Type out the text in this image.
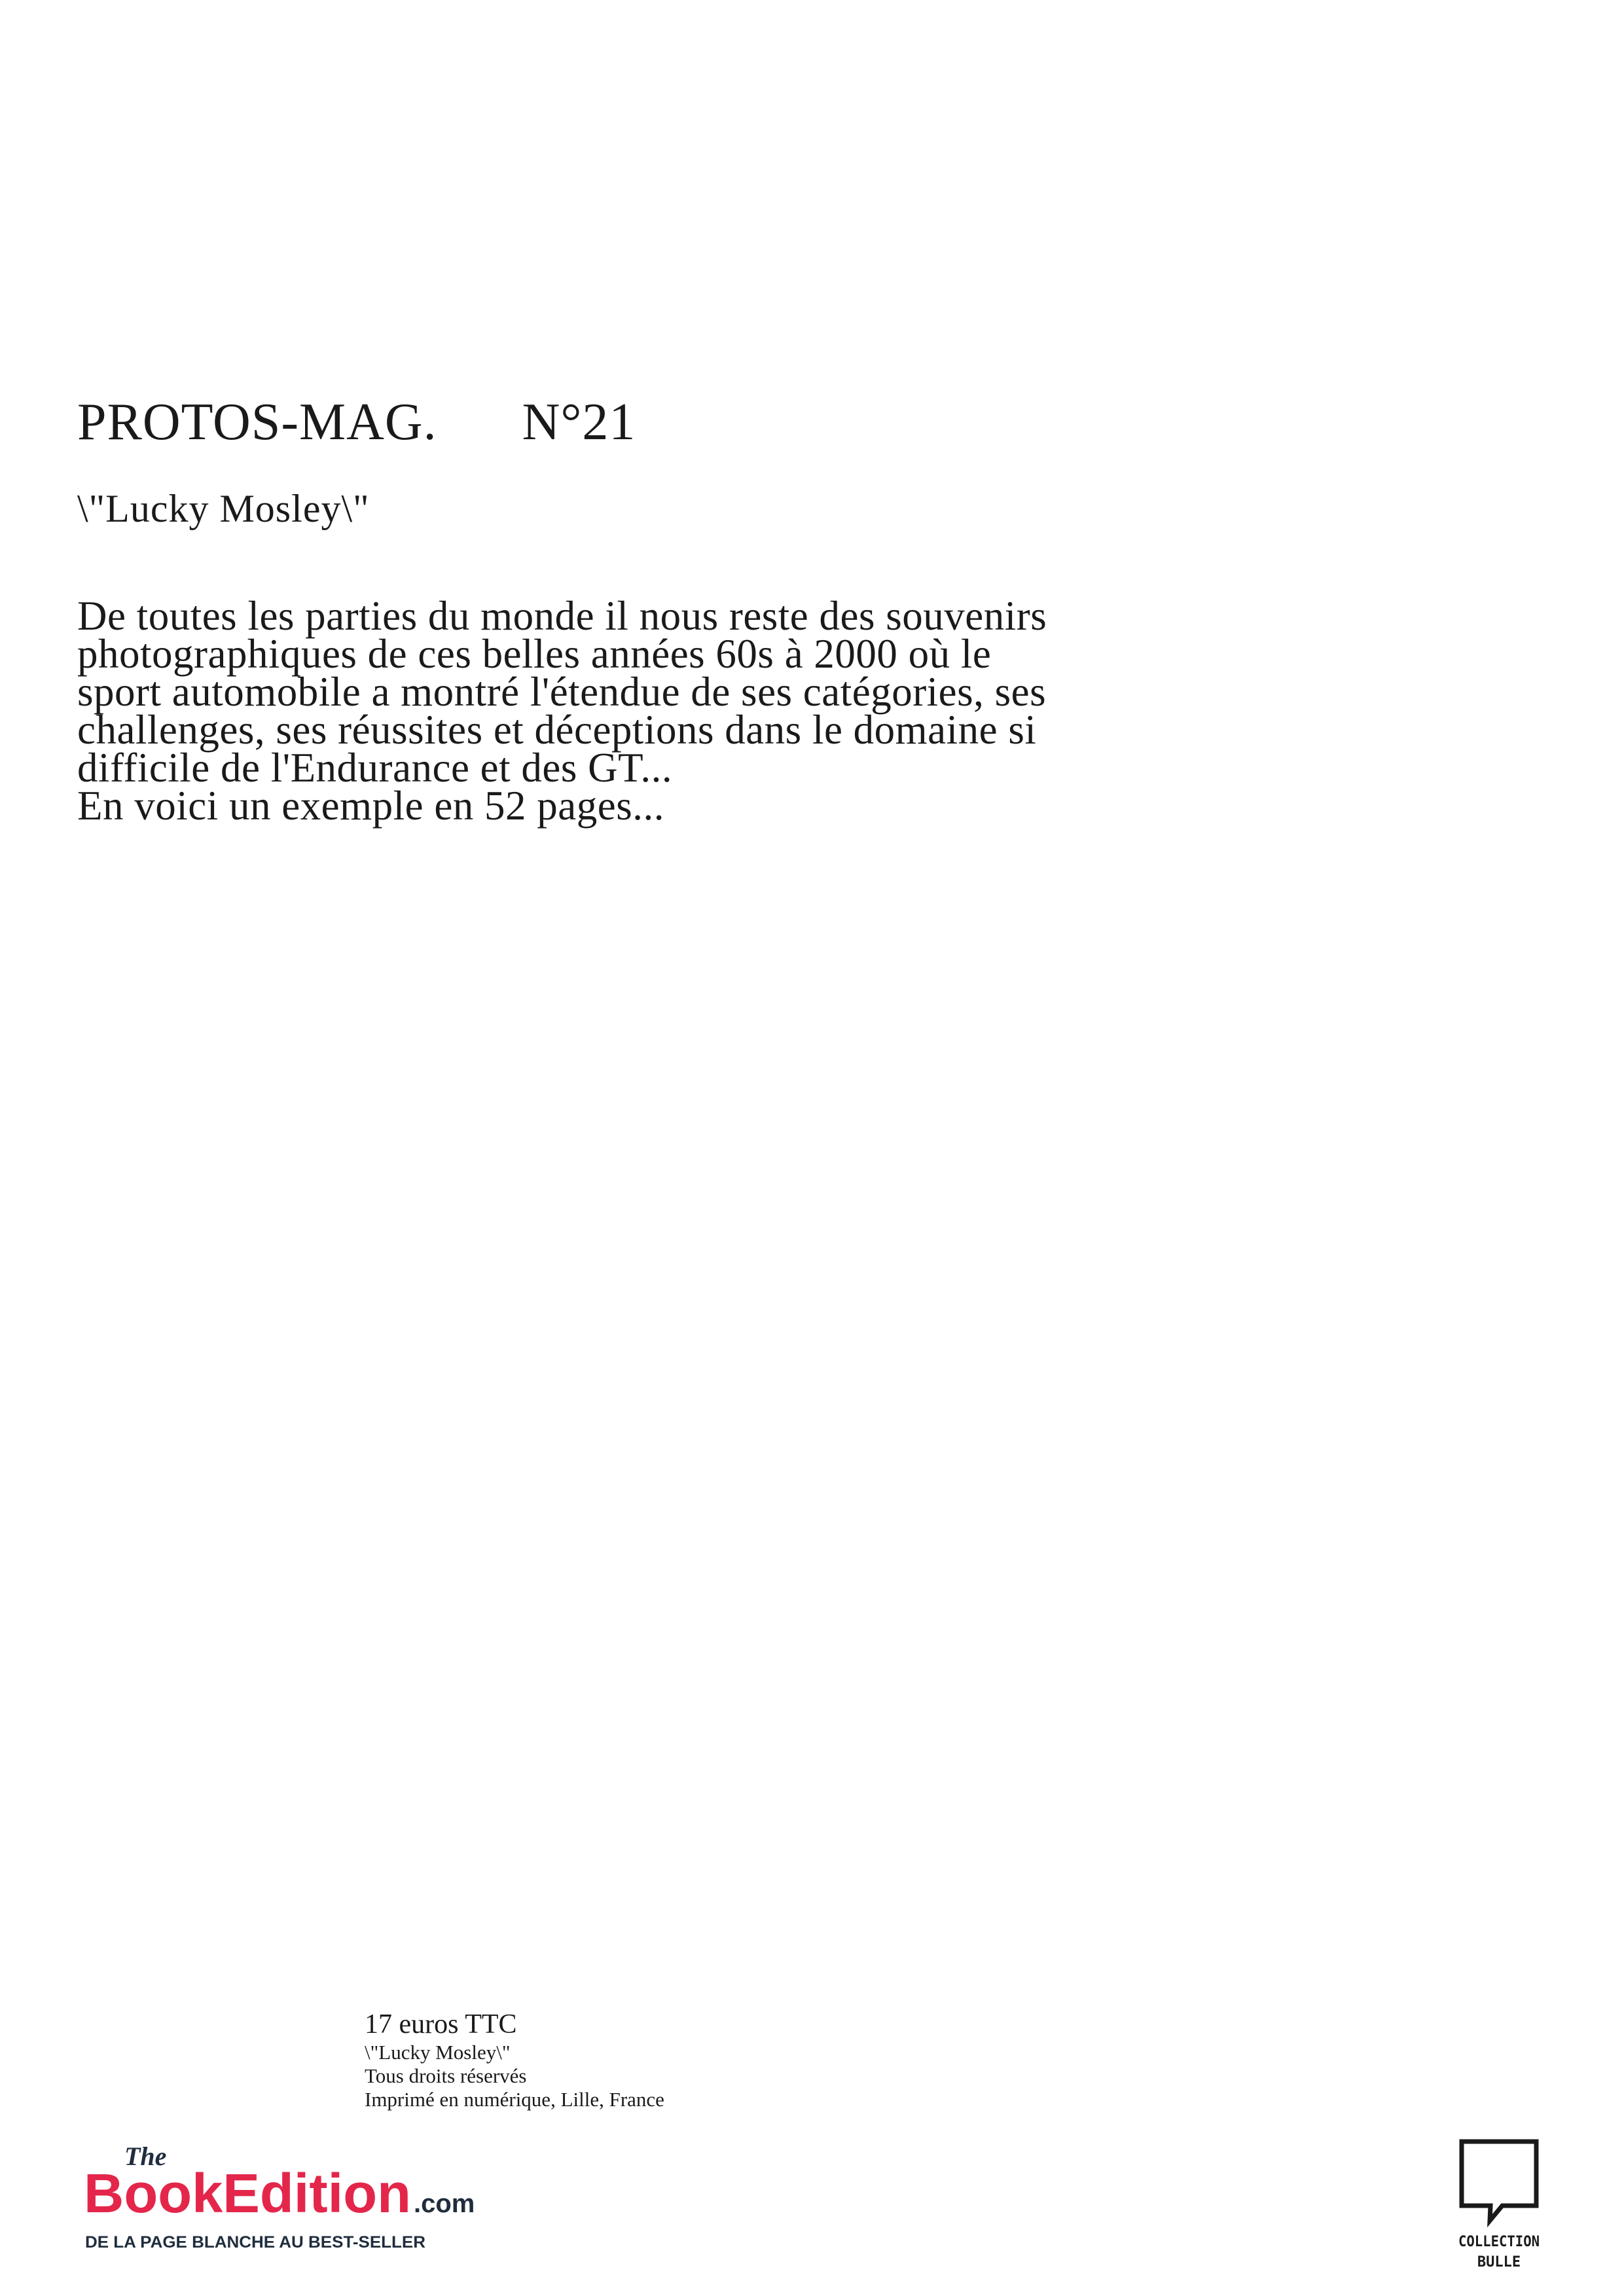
PROTOS-MAG. N°21
\"Lucky Mosley\"

De toutes les parties du monde il nous reste des souvenirs

photographiques de ces belles années 60s à 2000 où le

sport automobile a montré l'étendue de ses catégories, ses

challenges, ses réussites et déceptions dans le domaine si

difficile de l'Endurance et des GT...

En voici un exemple en 52 pages...

17 euros TTC
\"Lucky Mosley\"
Tous droits réservés
Imprimé en numérique, Lille, France
The
BookEdition .com
DE LA PAGE BLANCHE AU BEST-SELLER	COLLECTION
BULLE
